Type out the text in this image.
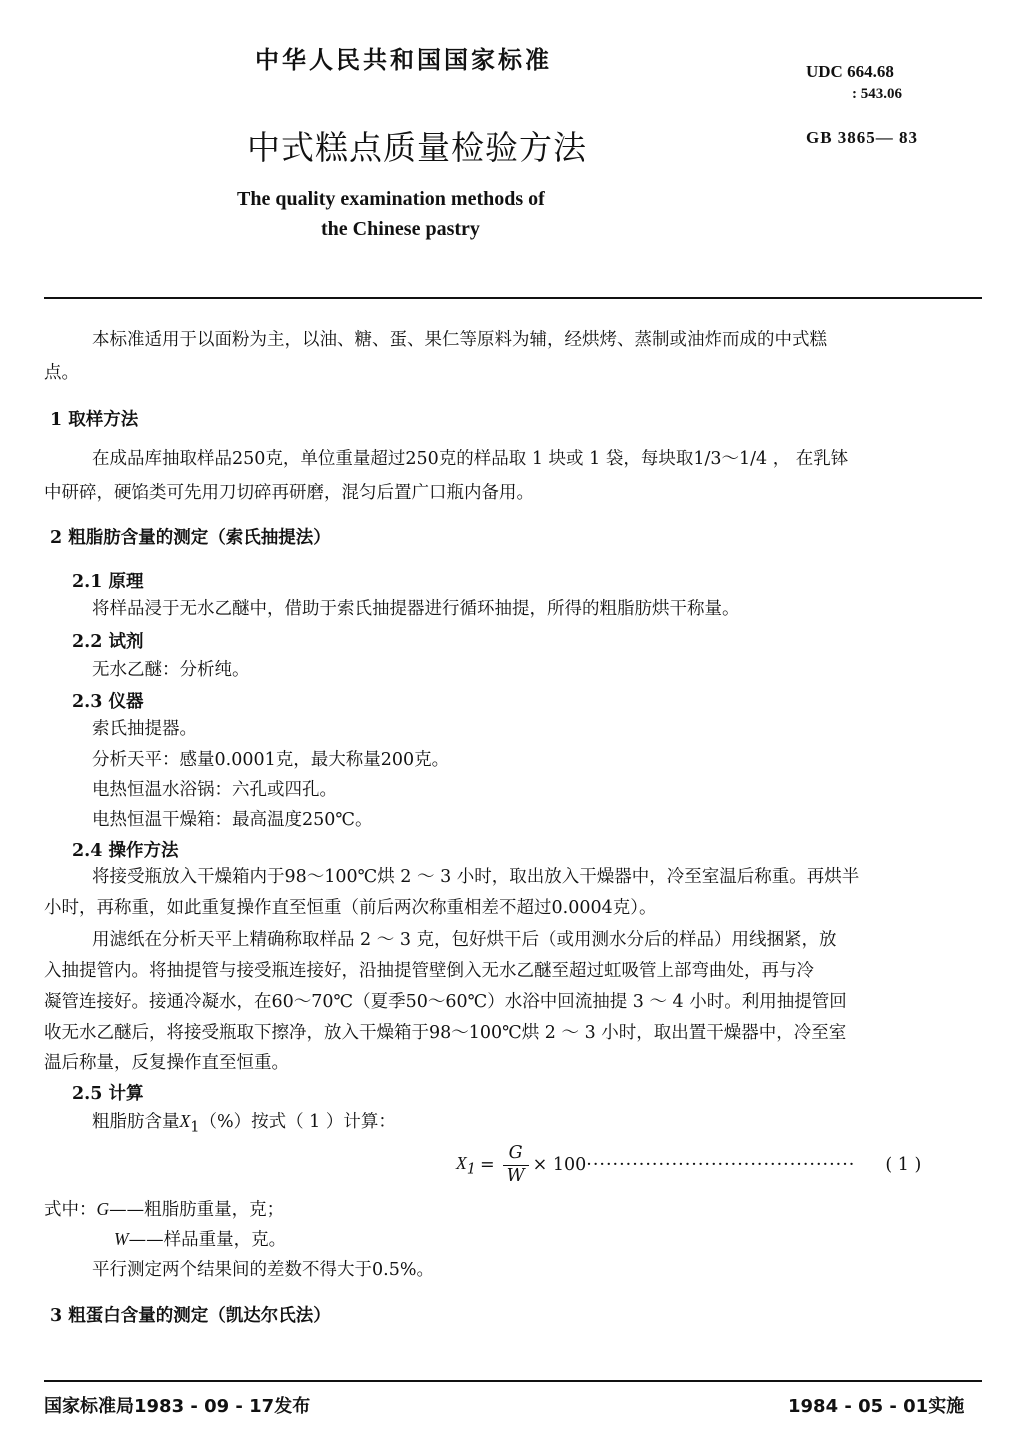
中华人民共和国国家标准	UDC 664.68
: 543.06
中式糕点质量检验方法	GB 3865— 83
The quality examination methods of
the Chinese pastry
本标准适用于以面粉为主，以油、糖、蛋、果仁等原料为辅，经烘烤、蒸制或油炸而成的中式糕
点。
1 取样方法
在成品库抽取样品250克，单位重量超过250克的样品取 1 块或 1 袋，每块取1/3～1/4 ， 在乳钵
中研碎，硬馅类可先用刀切碎再研磨，混匀后置广口瓶内备用。
2 粗脂肪含量的测定（索氏抽提法）
2.1 原理
将样品浸于无水乙醚中，借助于索氏抽提器进行循环抽提，所得的粗脂肪烘干称量。
2.2 试剂
无水乙醚：分析纯。
2.3 仪器
索氏抽提器。
分析天平：感量0.0001克，最大称量200克。
电热恒温水浴锅：六孔或四孔。
电热恒温干燥箱：最高温度250℃。
2.4 操作方法
将接受瓶放入干燥箱内于98～100℃烘 2 ～ 3 小时，取出放入干燥器中，冷至室温后称重。再烘半
小时，再称重，如此重复操作直至恒重（前后两次称重相差不超过0.0004克）。
用滤纸在分析天平上精确称取样品 2 ～ 3 克，包好烘干后（或用测水分后的样品）用线捆紧，放
入抽提管内。将抽提管与接受瓶连接好，沿抽提管壁倒入无水乙醚至超过虹吸管上部弯曲处，再与冷
凝管连接好。接通冷凝水，在60～70℃（夏季50～60℃）水浴中回流抽提 3 ～ 4 小时。利用抽提管回
收无水乙醚后，将接受瓶取下擦净，放入干燥箱于98～100℃烘 2 ～ 3 小时，取出置干燥器中，冷至室
温后称量，反复操作直至恒重。
2.5 计算
粗脂肪含量$X_1(\%)$按式（ 1 ）计算：
$X_1 = \frac{G}{W} \times 100$ ········································· ( 1 )
式中：G——粗脂肪重量，克；
W——样品重量，克。
平行测定两个结果间的差数不得大于0.5%。
3 粗蛋白含量的测定（凯达尔氏法）
国家标准局1983 - 09 - 17发布	1984 - 05 - 01实施
